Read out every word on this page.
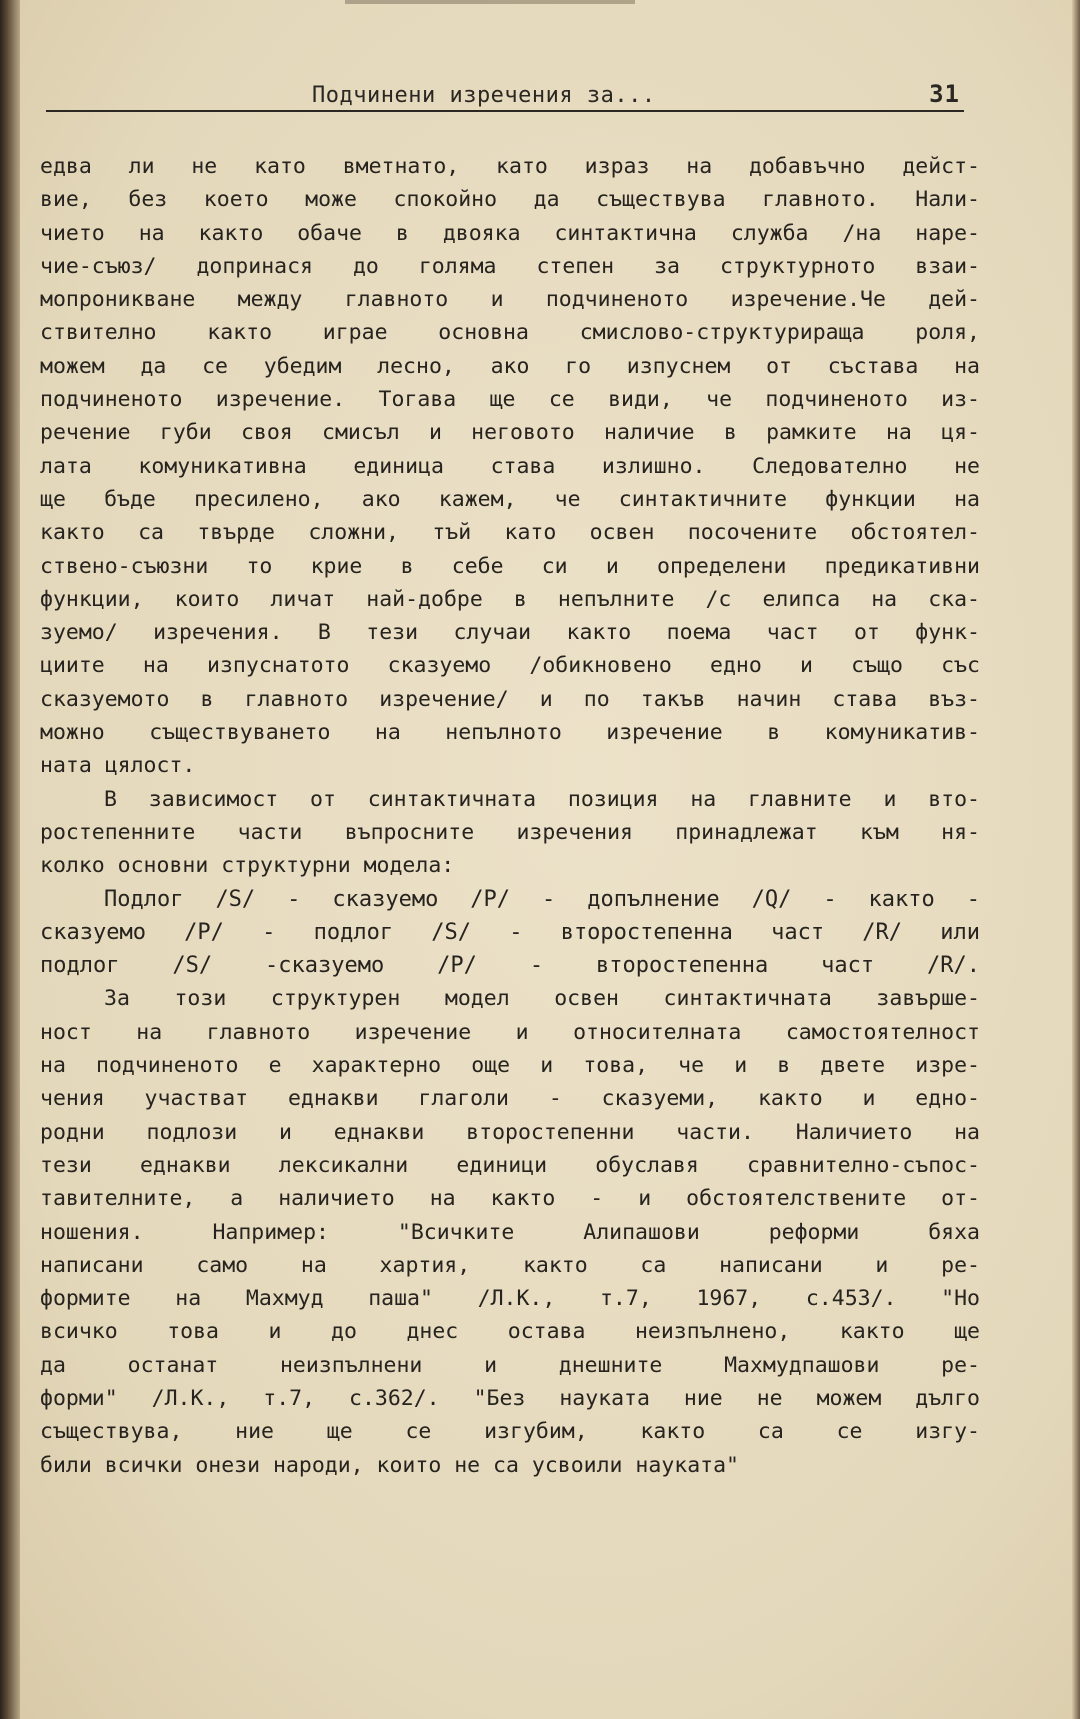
Подчинени изречения за...	31
едва ли не като вметнато, като израз на добавъчно дейст-
вие, без което може спокойно да съществува главното. Нали-
чието на както обаче в двояка синтактична служба /на наре-
чие-съюз/ допринася до голяма степен за структурното взаи-
мопроникване между главното и подчиненото изречение.Че дей-
ствително както играе основна смислово-структурираща роля,
можем да се убедим лесно, ако го изпуснем от състава на
подчиненото изречение. Тогава ще се види, че подчиненото из-
речение губи своя смисъл и неговото наличие в рамките на ця-
лата комуникативна единица става излишно. Следователно не
ще бъде пресилено, ако кажем, че синтактичните функции на
както са твърде сложни, тъй като освен посочените обстоятел-
ствено-съюзни то крие в себе си и определени предикативни
функции, които личат най-добре в непълните /с елипса на ска-
зуемо/ изречения. В тези случаи както поема част от функ-
циите на изпуснатото сказуемо /обикновено едно и също със
сказуемото в главното изречение/ и по такъв начин става въз-
можно съществуването на непълното изречение в комуникатив-
ната цялост.
В зависимост от синтактичната позиция на главните и вто-
ростепенните части въпросните изречения принадлежат към ня-
колко основни структурни модела:
Подлог /S/ - сказуемо /P/ - допълнение /Q/ - както -
сказуемо /P/ - подлог /S/ - второстепенна част /R/ или
подлог /S/ -сказуемо /P/ - второстепенна част /R/.
За този структурен модел освен синтактичната завърше-
ност на главното изречение и относителната самостоятелност
на подчиненото е характерно още и това, че и в двете изре-
чения участват еднакви глаголи - сказуеми, както и едно-
родни подлози и еднакви второстепенни части. Наличието на
тези еднакви лексикални единици обуславя сравнително-съпос-
тавителните, а наличието на както - и обстоятелствените от-
ношения. Например: "Всичките Алипашови реформи бяха
написани само на хартия, както са написани и ре-
формите на Махмуд паша" /Л.К., т.7, 1967, с.453/. "Но
всичко това и до днес остава неизпълнено, както ще
да останат неизпълнени и днешните Махмудпашови ре-
форми" /Л.К., т.7, с.362/. "Без науката ние не можем дълго
съществува, ние ще се изгубим, както са се изгу-
били всички онези народи, които не са усвоили науката"
